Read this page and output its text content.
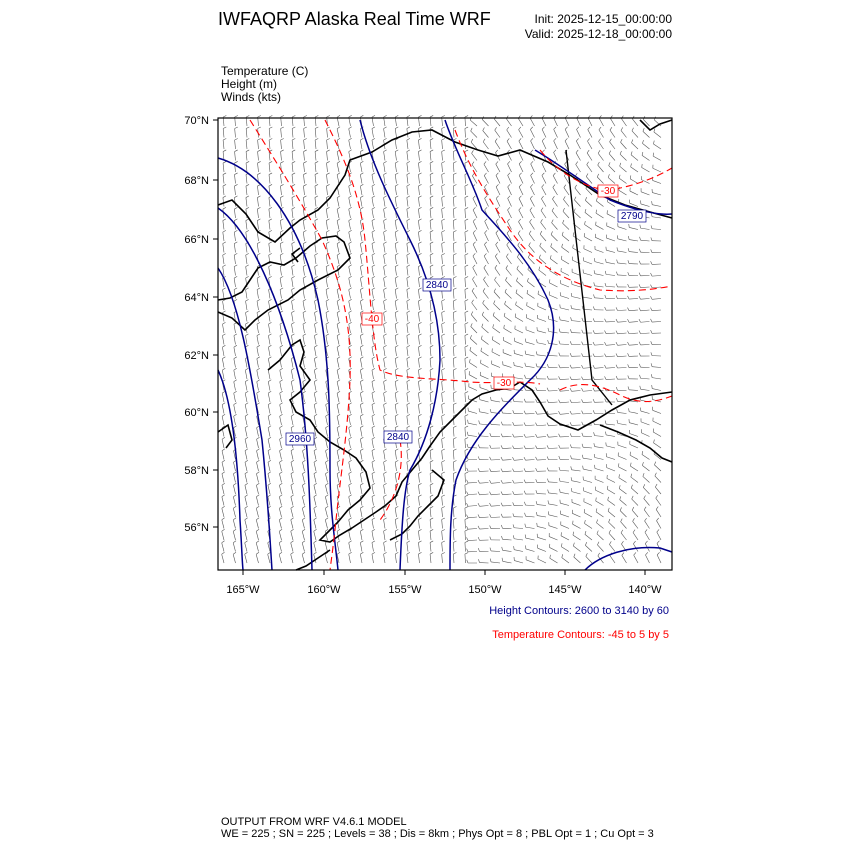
IWFAQRP Alaska Real Time WRF	Init: 2025-12-15_00:00:00
Valid: 2025-12-18_00:00:00
Temperature (C)
Height (m)
Winds (kts)
2840
2960	2840
2790
-40
-30
-30
70°N
68°N
66°N
64°N
62°N
60°N
58°N
56°N
165°W	160°W	155°W	150°W	145°W	140°W
Height Contours: 2600 to 3140 by 60
Temperature Contours: -45 to 5 by 5
OUTPUT FROM WRF V4.6.1 MODEL
WE = 225 ; SN = 225 ; Levels = 38 ; Dis = 8km ; Phys Opt = 8 ; PBL Opt = 1 ; Cu Opt = 3
